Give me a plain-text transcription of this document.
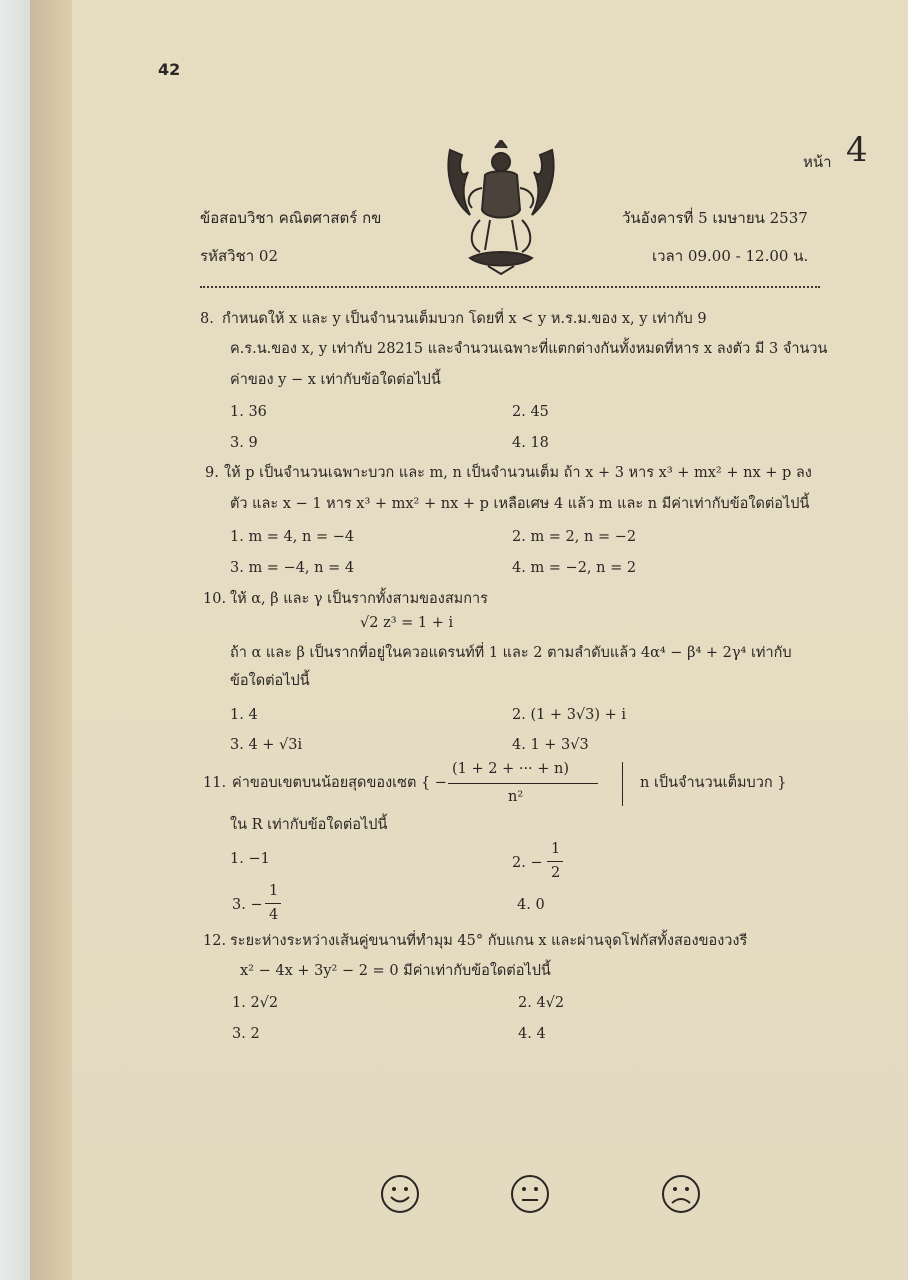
42
หน้า 4
ข้อสอบวิชา คณิตศาสตร์ กข
รหัสวิชา 02
วันอังคารที่ 5 เมษายน 2537
เวลา 09.00 - 12.00 น.
8. กำหนดให้ x และ y เป็นจำนวนเต็มบวก โดยที่ x < y ห.ร.ม.ของ x, y เท่ากับ 9
ค.ร.น.ของ x, y เท่ากับ 28215 และจำนวนเฉพาะที่แตกต่างกันทั้งหมดที่หาร x ลงตัว มี 3 จำนวน
ค่าของ y − x เท่ากับข้อใดต่อไปนี้
1. 36	2. 45
3. 9	4. 18
9. ให้ p เป็นจำนวนเฉพาะบวก และ m, n เป็นจำนวนเต็ม ถ้า x + 3 หาร x³ + mx² + nx + p ลง
ตัว และ x − 1 หาร x³ + mx² + nx + p เหลือเศษ 4 แล้ว m และ n มีค่าเท่ากับข้อใดต่อไปนี้
1. m = 4, n = −4	2. m = 2, n = −2
3. m = −4, n = 4	4. m = −2, n = 2
10. ให้ α, β และ γ เป็นรากทั้งสามของสมการ
√2 z³ = 1 + i
ถ้า α และ β เป็นรากที่อยู่ในควอแดรนท์ที่ 1 และ 2 ตามลำดับแล้ว 4α⁴ − β⁴ + 2γ⁴ เท่ากับ
ข้อใดต่อไปนี้
1. 4	2. (1 + 3√3) + i
3. 4 + √3i	4. 1 + 3√3
11. ค่าขอบเขตบนน้อยสุดของเซต { −
(1 + 2 + ··· + n)
n²
n เป็นจำนวนเต็มบวก }
ใน R เท่ากับข้อใดต่อไปนี้
1. −1	2. −
1
2
3. −
1
4
4. 0
12. ระยะห่างระหว่างเส้นคู่ขนานที่ทำมุม 45° กับแกน x และผ่านจุดโฟกัสทั้งสองของวงรี
x² − 4x + 3y² − 2 = 0 มีค่าเท่ากับข้อใดต่อไปนี้
1. 2√2	2. 4√2
3. 2	4. 4
